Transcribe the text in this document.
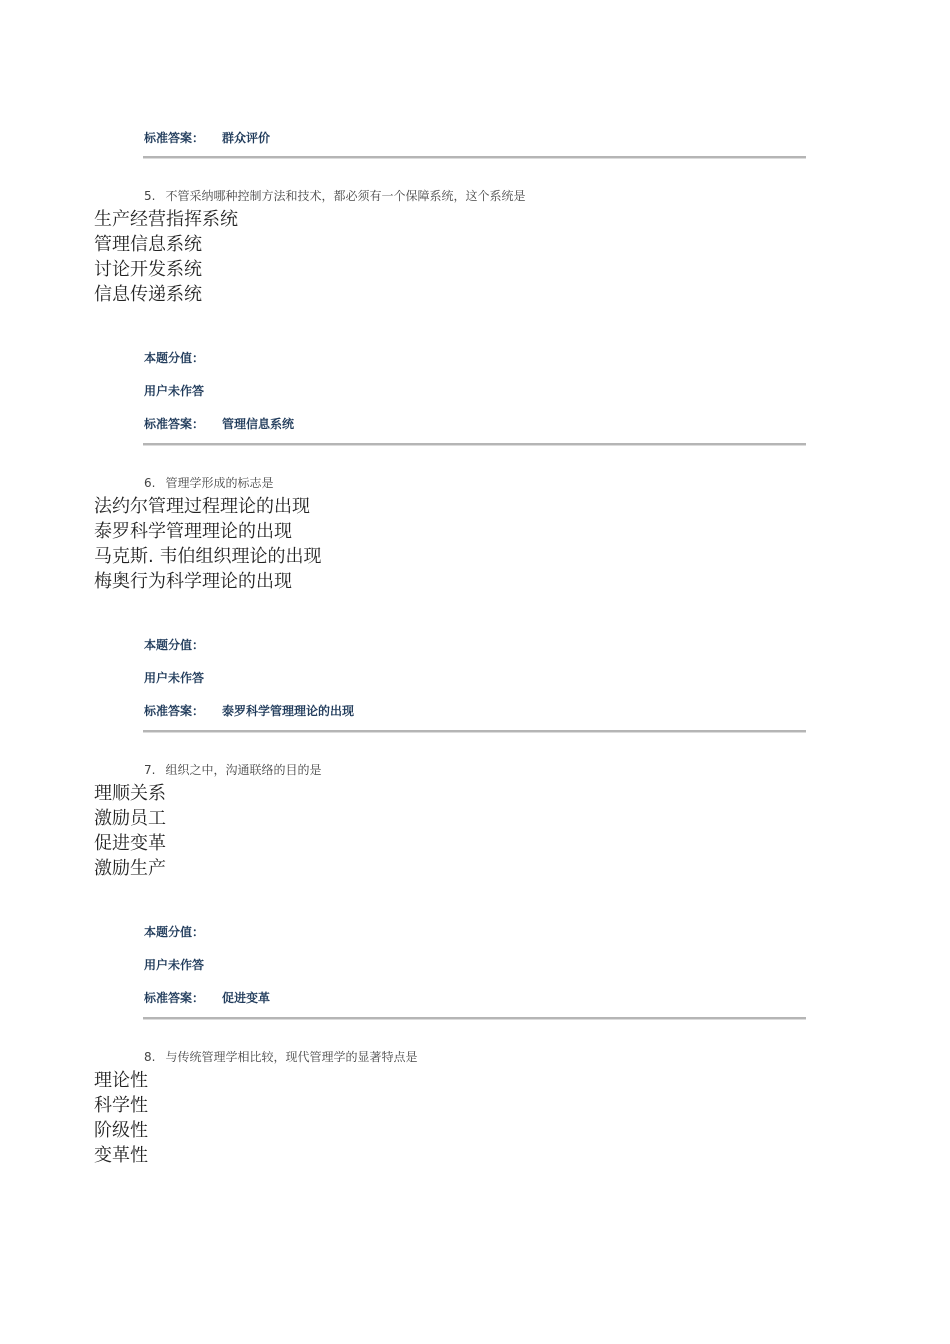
标准答案： 群众评价
5. 不管采纳哪种控制方法和技术，都必须有一个保障系统，这个系统是
生产经营指挥系统
管理信息系统
讨论开发系统
信息传递系统
本题分值：
用户未作答
标准答案： 管理信息系统
6. 管理学形成的标志是
法约尔管理过程理论的出现
泰罗科学管理理论的出现
马克斯. 韦伯组织理论的出现
梅奥行为科学理论的出现
本题分值：
用户未作答
标准答案： 泰罗科学管理理论的出现
7. 组织之中，沟通联络的目的是
理顺关系
激励员工
促进变革
激励生产
本题分值：
用户未作答
标准答案： 促进变革
8. 与传统管理学相比较，现代管理学的显著特点是
理论性
科学性
阶级性
变革性
